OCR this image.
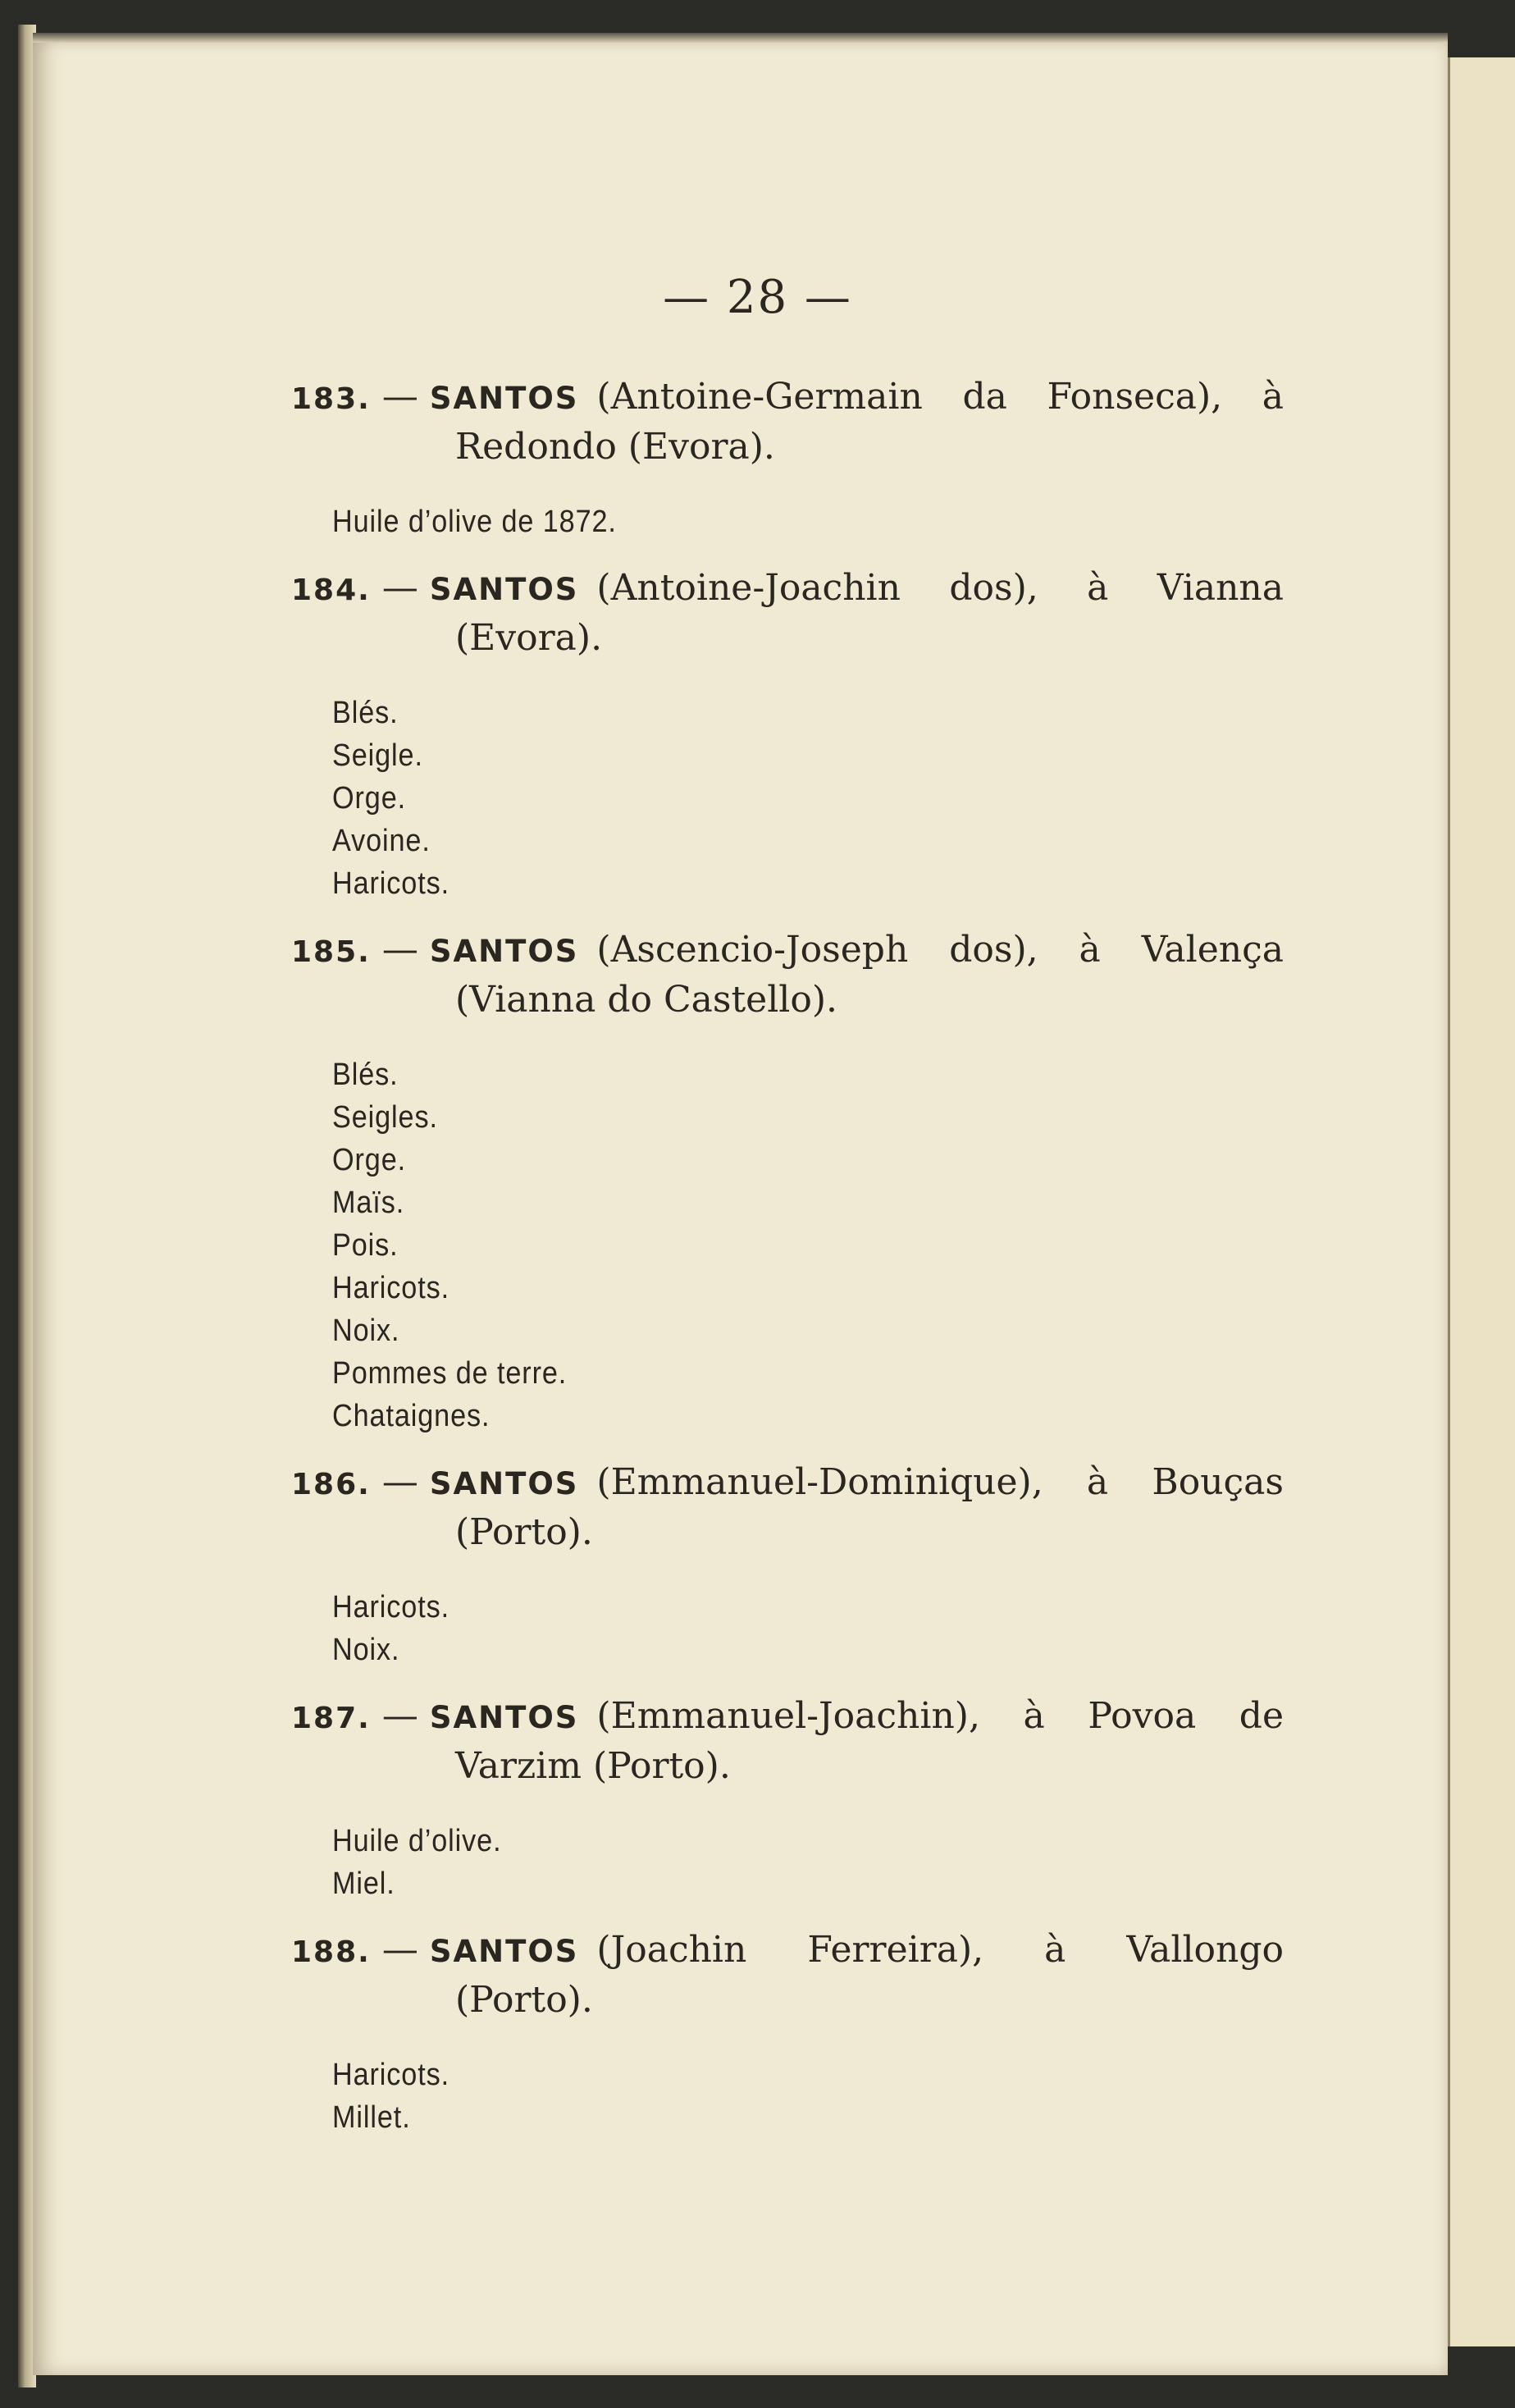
— 28 —
183. — SANTOS (Antoine-Germain da Fonseca), à Redondo (Evora).
Huile d’olive de 1872.
184. — SANTOS (Antoine-Joachin dos), à Vianna (Evora).
Blés.
Seigle.
Orge.
Avoine.
Haricots.
185. — SANTOS (Ascencio-Joseph dos), à Valença (Vianna do Castello).
Blés.
Seigles.
Orge.
Maïs.
Pois.
Haricots.
Noix.
Pommes de terre.
Chataignes.
186. — SANTOS (Emmanuel-Dominique), à Bouças (Porto).
Haricots.
Noix.
187. — SANTOS (Emmanuel-Joachin), à Povoa de Varzim (Porto).
Huile d’olive.
Miel.
188. — SANTOS (Joachin Ferreira), à Vallongo (Porto).
Haricots.
Millet.
